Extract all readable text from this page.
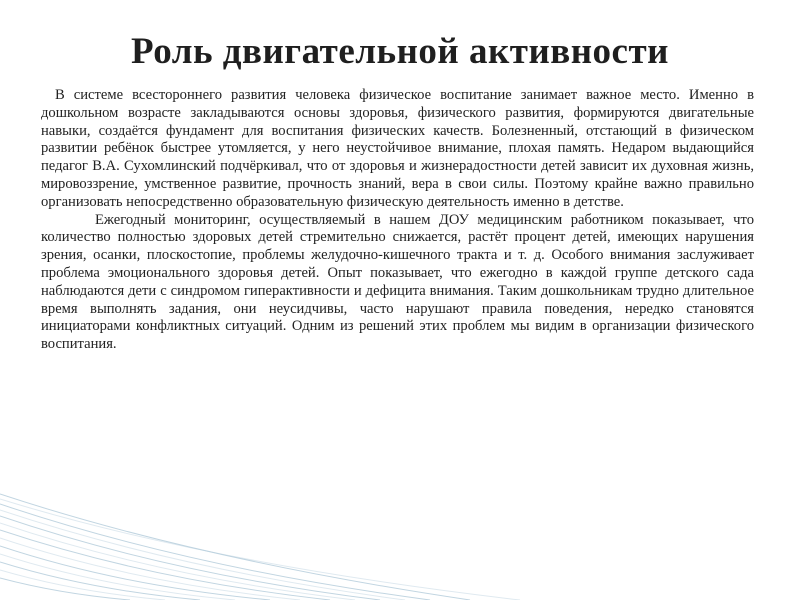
Роль двигательной активности

В системе всестороннего развития человека физическое воспитание занимает важное место. Именно в дошкольном возрасте закладываются основы здоровья, физического развития, формируются двигательные навыки, создаётся фундамент для воспитания физических качеств. Болезненный, отстающий в физическом развитии ребёнок быстрее утомляется, у него неустойчивое внимание, плохая память. Недаром выдающийся педагог В.А. Сухомлинский подчёркивал, что от здоровья и жизнерадостности детей зависит их духовная жизнь, мировоззрение, умственное развитие, прочность знаний, вера в свои силы. Поэтому крайне важно правильно организовать непосредственно образовательную физическую деятельность именно в детстве.

Ежегодный мониторинг, осуществляемый в нашем ДОУ медицинским работником показывает, что количество полностью здоровых детей стремительно снижается, растёт процент детей, имеющих нарушения зрения, осанки, плоскостопие, проблемы желудочно-кишечного тракта и т. д. Особого внимания заслуживает проблема эмоционального здоровья детей. Опыт показывает, что ежегодно в каждой группе детского сада наблюдаются дети с синдромом гиперактивности и дефицита внимания. Таким дошкольникам трудно длительное время выполнять задания, они неусидчивы, часто нарушают правила поведения, нередко становятся инициаторами конфликтных ситуаций. Одним из решений этих проблем мы видим в организации физического воспитания.
